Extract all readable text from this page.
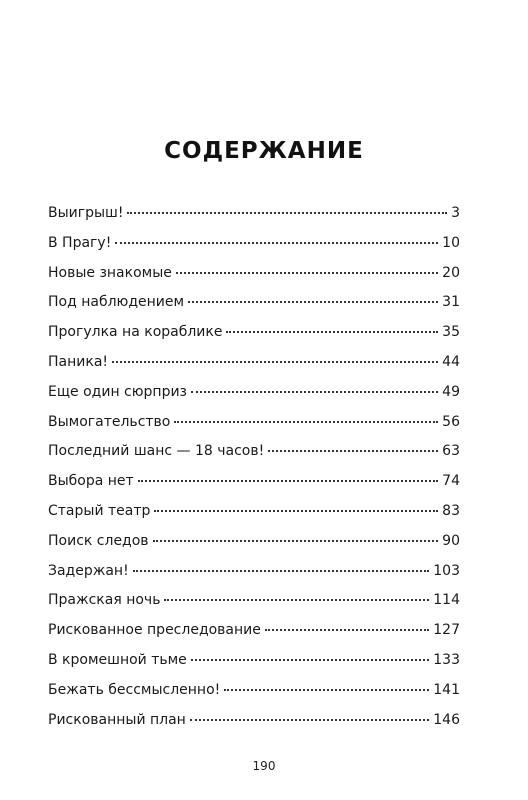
СОДЕРЖАНИЕ
Выигрыш!	3
В Прагу!	10
Новые знакомые	20
Под наблюдением	31
Прогулка на кораблике	35
Паника!	44
Еще один сюрприз	49
Вымогательство	56
Последний шанс — 18 часов!	63
Выбора нет	74
Старый театр	83
Поиск следов	90
Задержан!	103
Пражская ночь	114
Рискованное преследование	127
В кромешной тьме	133
Бежать бессмысленно!	141
Рискованный план	146
190
